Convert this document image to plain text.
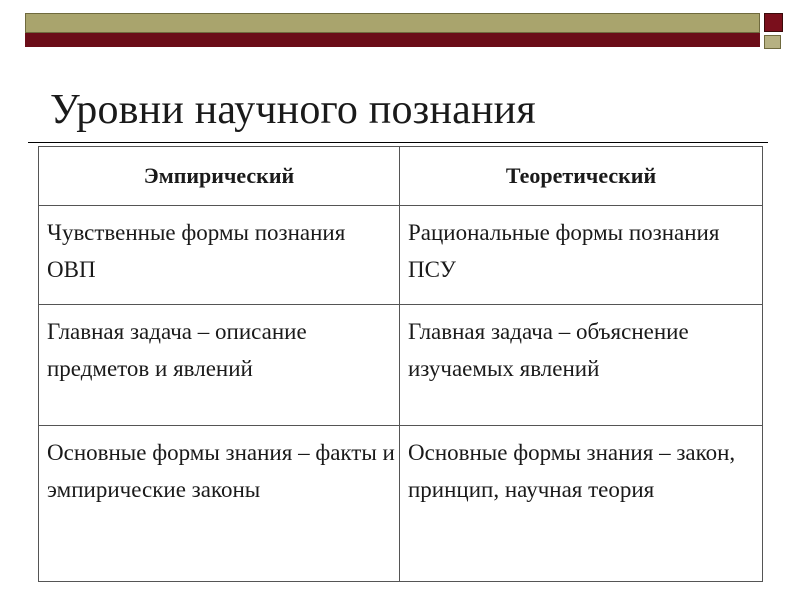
Уровни научного познания
Эмпирический	Теоретический
Чувственные формы познания ОВП	Рациональные формы познания ПСУ
Главная задача – описание предметов и явлений	Главная задача – объяснение изучаемых явлений
Основные формы знания – факты и эмпирические законы	Основные формы знания – закон, принцип, научная теория
